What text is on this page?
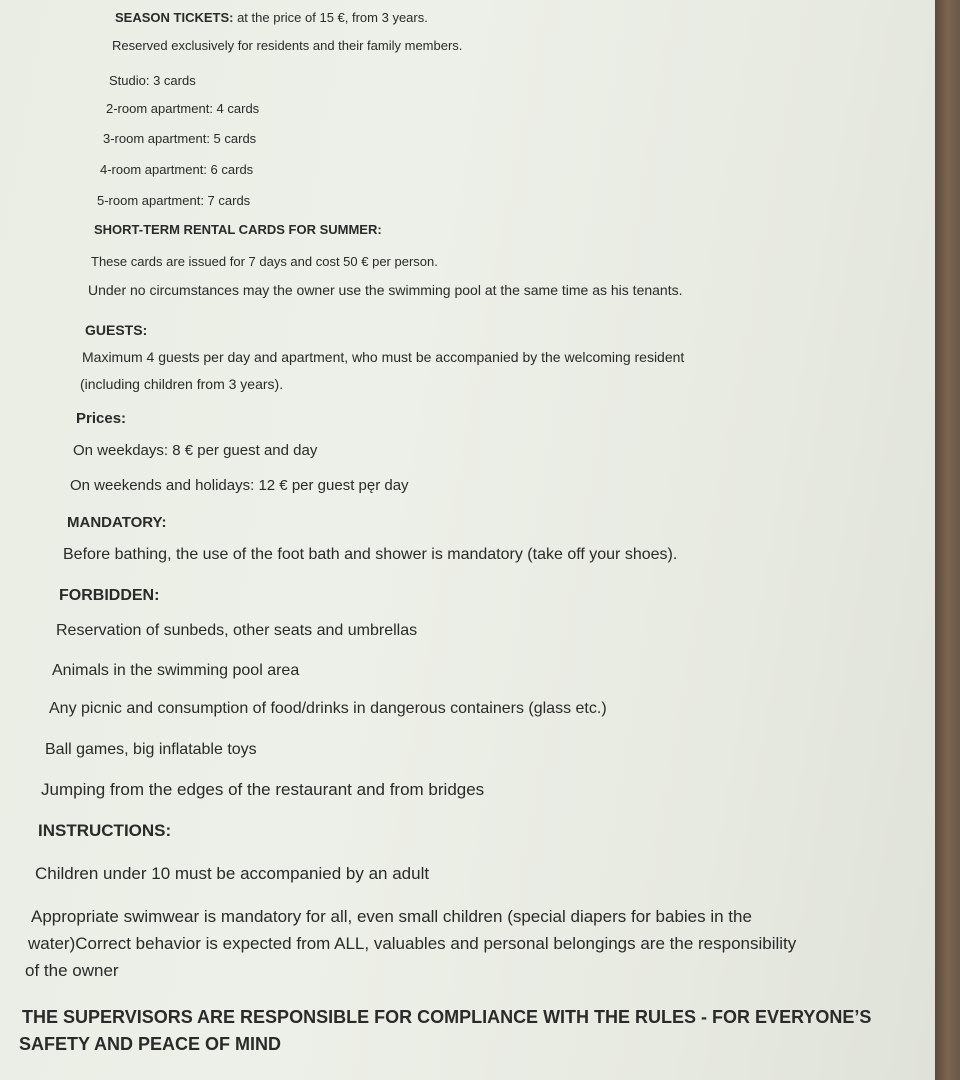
SEASON TICKETS: at the price of 15 €, from 3 years.
Reserved exclusively for residents and their family members.
Studio: 3 cards
2-room apartment: 4 cards
3-room apartment: 5 cards
4-room apartment: 6 cards
5-room apartment: 7 cards
SHORT-TERM RENTAL CARDS FOR SUMMER:
These cards are issued for 7 days and cost 50 € per person.
Under no circumstances may the owner use the swimming pool at the same time as his tenants.
GUESTS:
Maximum 4 guests per day and apartment, who must be accompanied by the welcoming resident
(including children from 3 years).
Prices:
On weekdays: 8 € per guest and day
On weekends and holidays: 12 € per guest pęr day
MANDATORY:
Before bathing, the use of the foot bath and shower is mandatory (take off your shoes).
FORBIDDEN:
Reservation of sunbeds, other seats and umbrellas
Animals in the swimming pool area
Any picnic and consumption of food/drinks in dangerous containers (glass etc.)
Ball games, big inflatable toys
Jumping from the edges of the restaurant and from bridges
INSTRUCTIONS:
Children under 10 must be accompanied by an adult
Appropriate swimwear is mandatory for all, even small children (special diapers for babies in the
water)Correct behavior is expected from ALL, valuables and personal belongings are the responsibility
of the owner
THE SUPERVISORS ARE RESPONSIBLE FOR COMPLIANCE WITH THE RULES - FOR EVERYONE’S
SAFETY AND PEACE OF MIND
